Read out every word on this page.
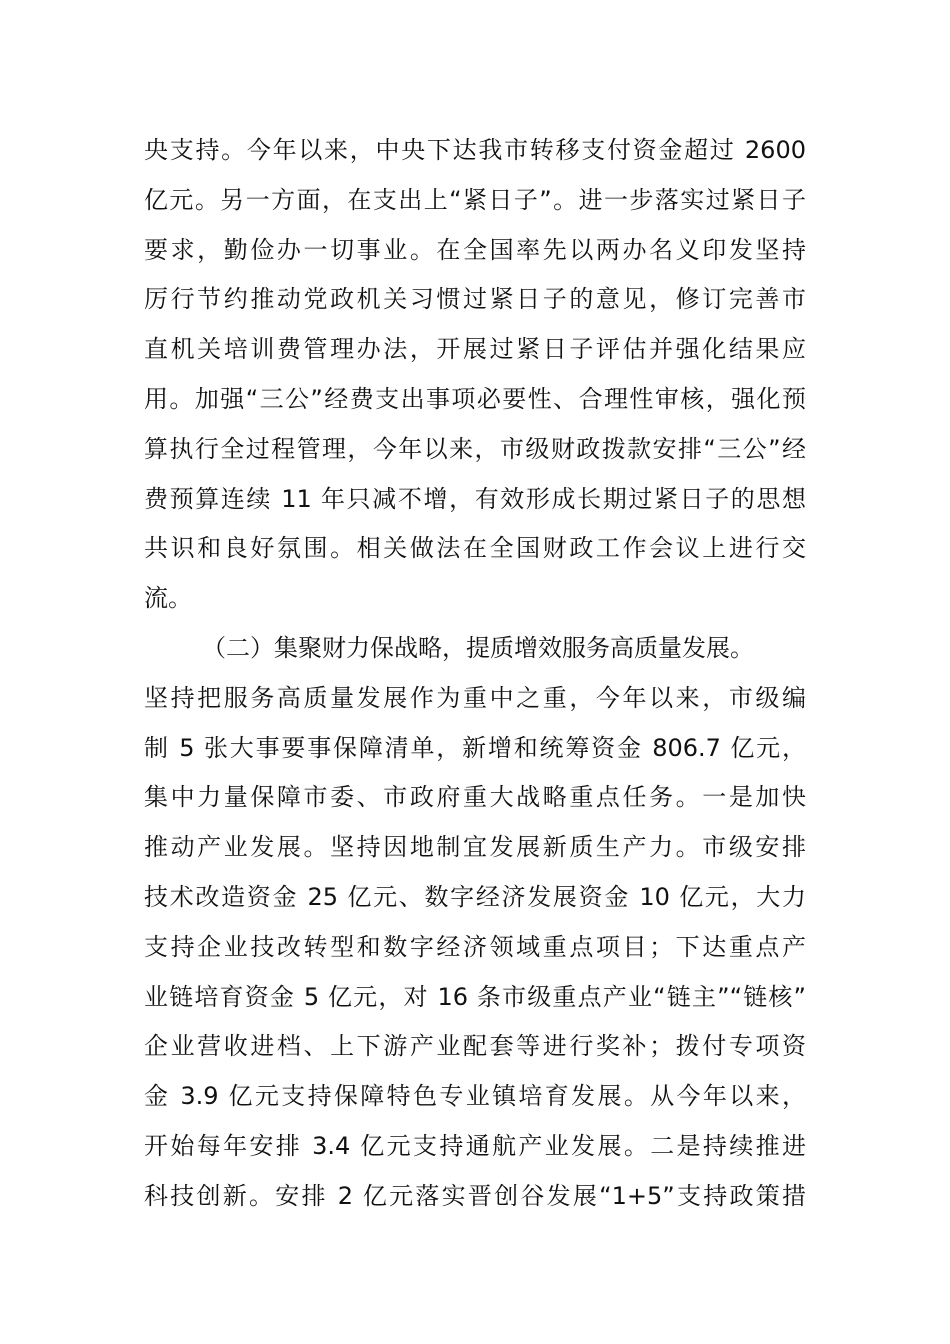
央支持。今年以来，中央下达我市转移支付资金超过 2600
亿元。另一方面，在支出上“紧日子”。进一步落实过紧日子
要求，勤俭办一切事业。在全国率先以两办名义印发坚持
厉行节约推动党政机关习惯过紧日子的意见，修订完善市
直机关培训费管理办法，开展过紧日子评估并强化结果应
用。加强“三公”经费支出事项必要性、合理性审核，强化预
算执行全过程管理，今年以来，市级财政拨款安排“三公”经
费预算连续 11 年只减不增，有效形成长期过紧日子的思想
共识和良好氛围。相关做法在全国财政工作会议上进行交
流。
（二）集聚财力保战略，提质增效服务高质量发展。
坚持把服务高质量发展作为重中之重，今年以来，市级编
制 5 张大事要事保障清单，新增和统筹资金 806.7 亿元，
集中力量保障市委、市政府重大战略重点任务。一是加快
推动产业发展。坚持因地制宜发展新质生产力。市级安排
技术改造资金 25 亿元、数字经济发展资金 10 亿元，大力
支持企业技改转型和数字经济领域重点项目；下达重点产
业链培育资金 5 亿元，对 16 条市级重点产业“链主”“链核”
企业营收进档、上下游产业配套等进行奖补；拨付专项资
金 3.9 亿元支持保障特色专业镇培育发展。从今年以来，
开始每年安排 3.4 亿元支持通航产业发展。二是持续推进
科技创新。安排 2 亿元落实晋创谷发展“1+5”支持政策措
